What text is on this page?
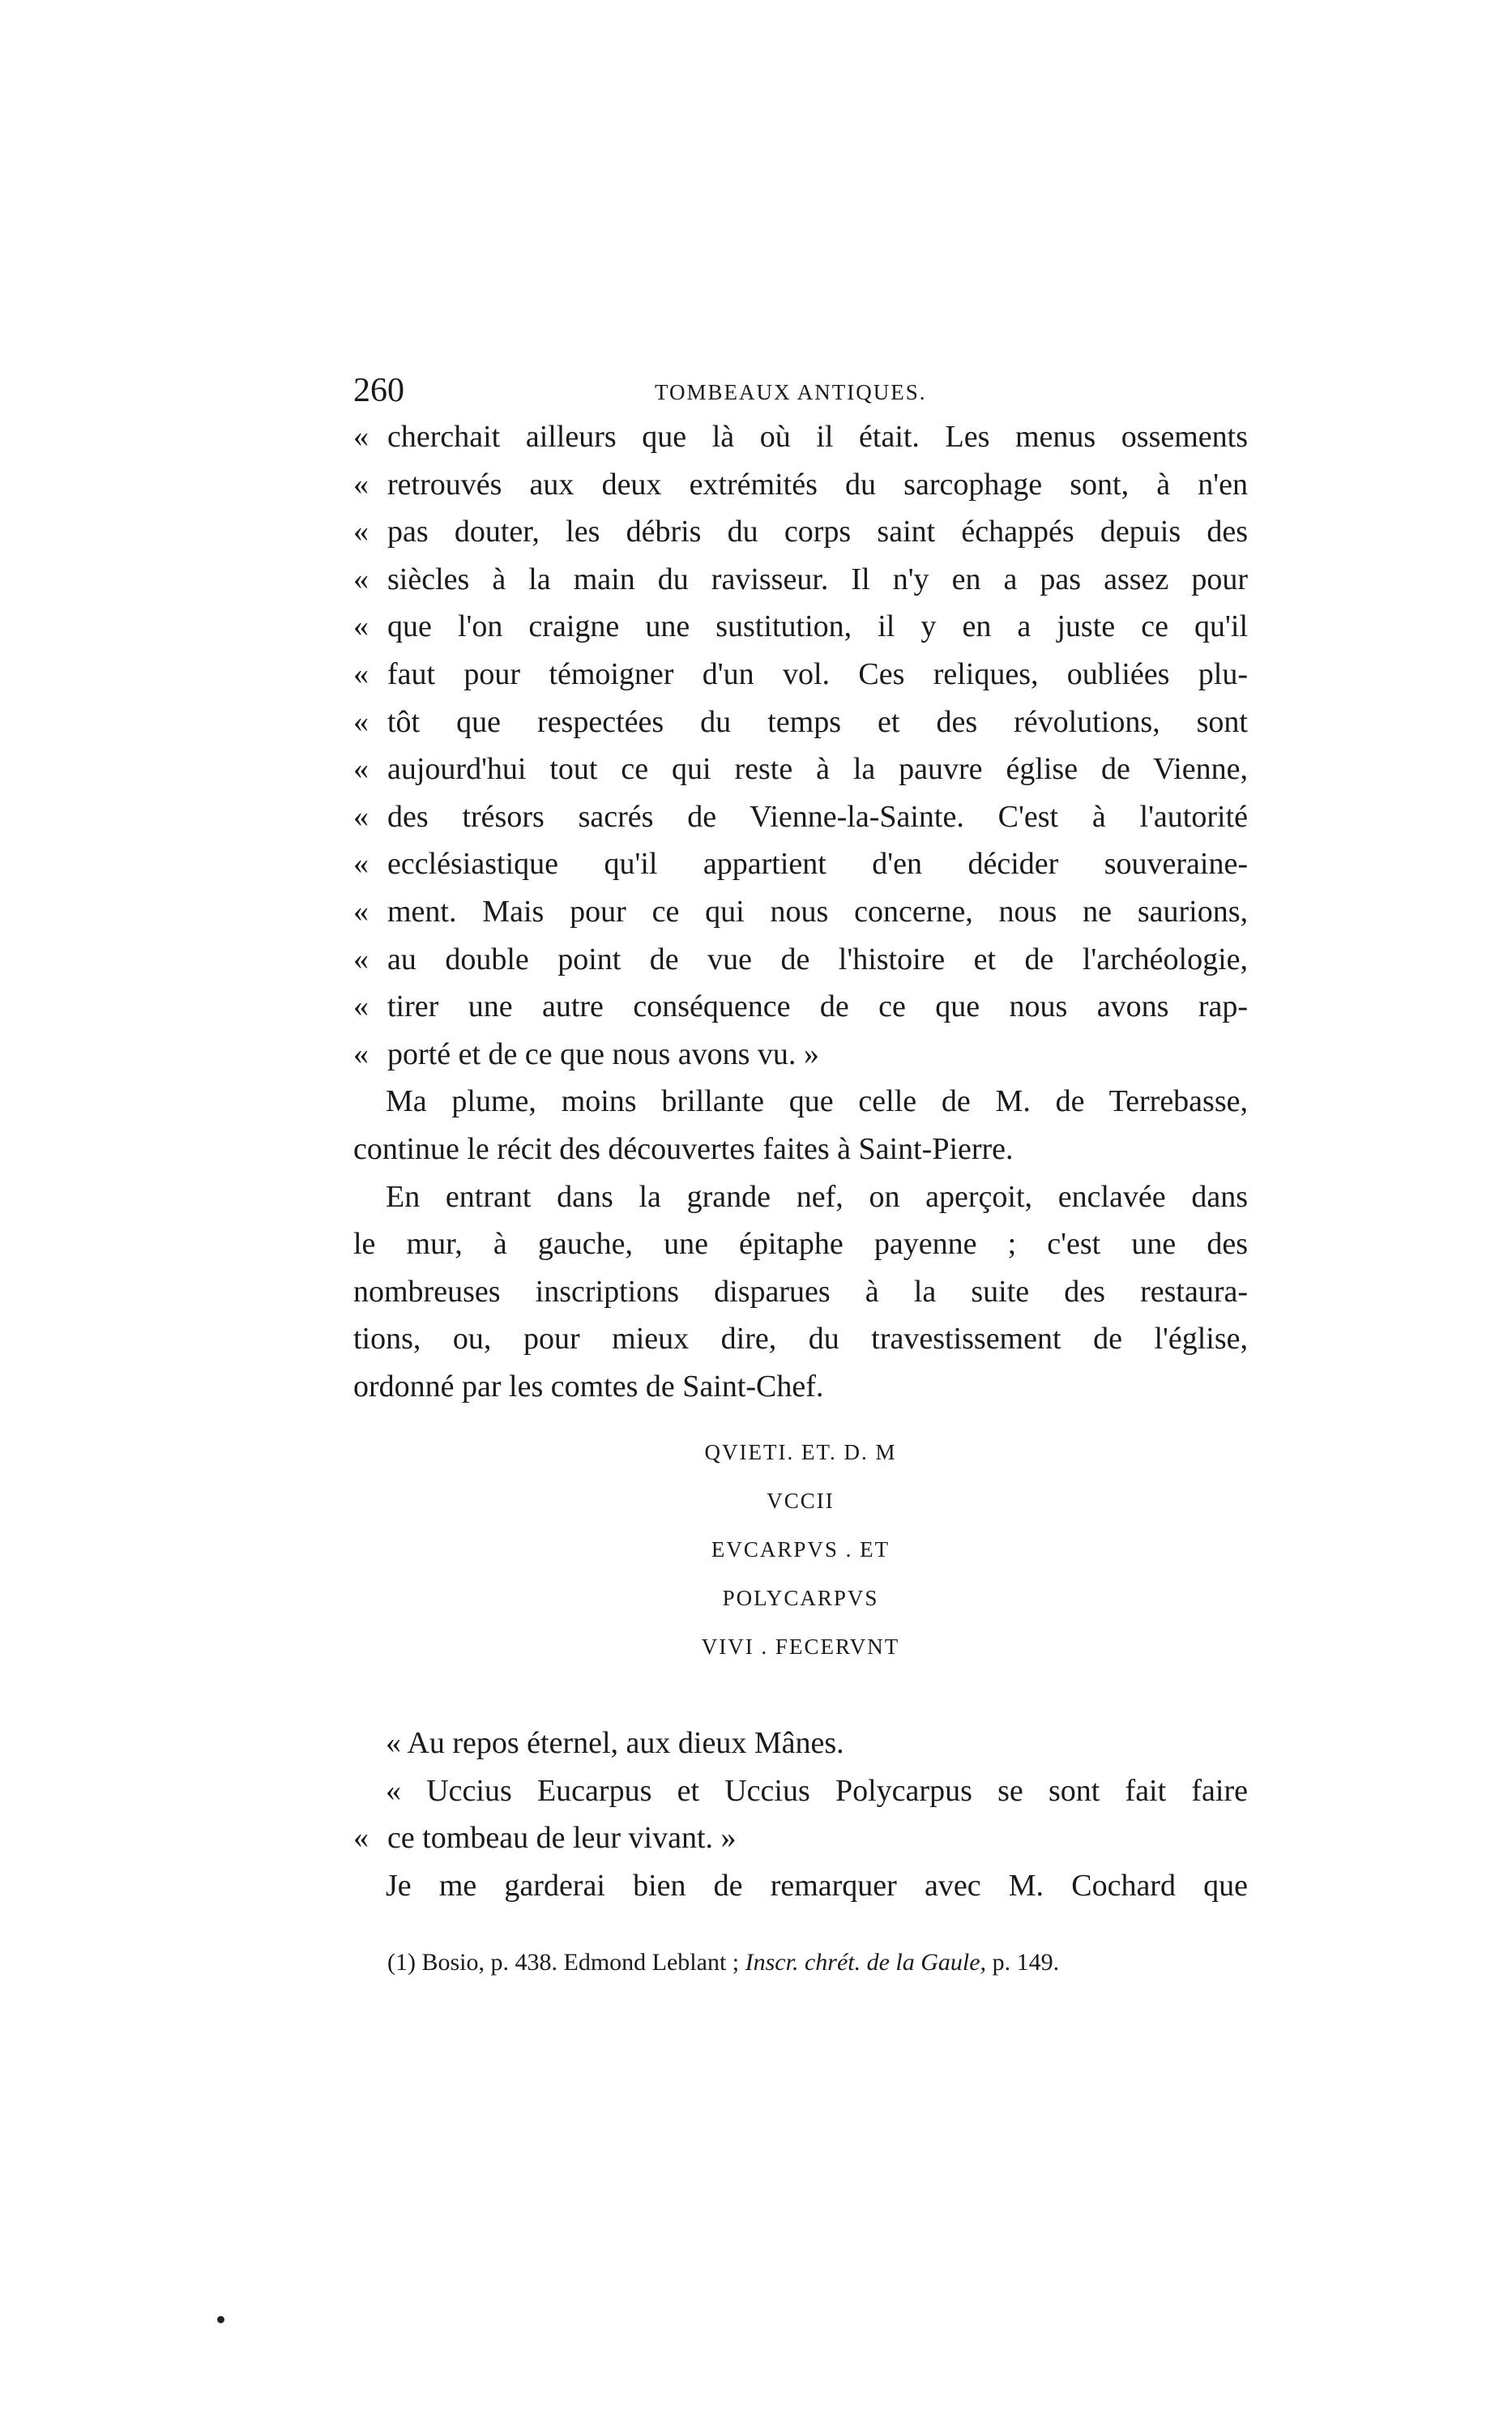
260	TOMBEAUX ANTIQUES.
« cherchait ailleurs que là où il était. Les menus ossements
« retrouvés aux deux extrémités du sarcophage sont, à n'en
« pas douter, les débris du corps saint échappés depuis des
« siècles à la main du ravisseur. Il n'y en a pas assez pour
« que l'on craigne une sustitution, il y en a juste ce qu'il
« faut pour témoigner d'un vol. Ces reliques, oubliées plu-
« tôt que respectées du temps et des révolutions, sont
« aujourd'hui tout ce qui reste à la pauvre église de Vienne,
« des trésors sacrés de Vienne-la-Sainte. C'est à l'autorité
« ecclésiastique qu'il appartient d'en décider souveraine-
« ment. Mais pour ce qui nous concerne, nous ne saurions,
« au double point de vue de l'histoire et de l'archéologie,
« tirer une autre conséquence de ce que nous avons rap-
« porté et de ce que nous avons vu. »
Ma plume, moins brillante que celle de M. de Terrebasse,
continue le récit des découvertes faites à Saint-Pierre.
En entrant dans la grande nef, on aperçoit, enclavée dans
le mur, à gauche, une épitaphe payenne ; c'est une des
nombreuses inscriptions disparues à la suite des restaura-
tions, ou, pour mieux dire, du travestissement de l'église,
ordonné par les comtes de Saint-Chef.
QVIETI. ET. D. M
VCCII
EVCARPVS . ET
POLYCARPVS
VIVI . FECERVNT
« Au repos éternel, aux dieux Mânes.
« Uccius Eucarpus et Uccius Polycarpus se sont fait faire
« ce tombeau de leur vivant. »
Je me garderai bien de remarquer avec M. Cochard que
(1) Bosio, p. 438. Edmond Leblant ; Inscr. chrét. de la Gaule, p. 149.
